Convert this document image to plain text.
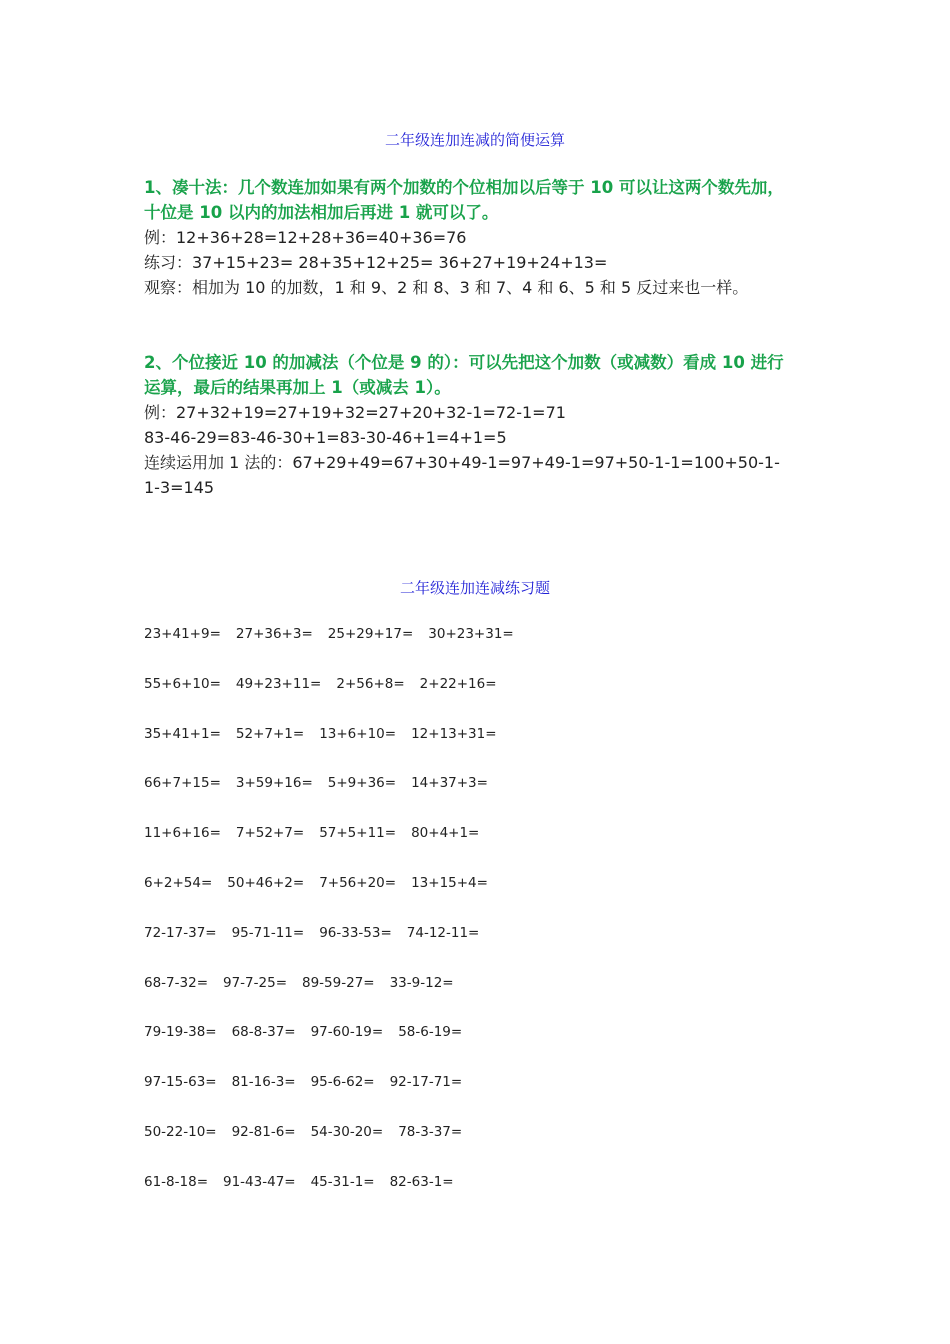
二年级连加连减的简便运算

1、凑十法：几个数连加如果有两个加数的个位相加以后等于 10 可以让这两个数先加，

十位是 10 以内的加法相加后再进 1 就可以了。

例：12+36+28=12+28+36=40+36=76

练习：37+15+23= 28+35+12+25= 36+27+19+24+13=

观察：相加为 10 的加数，1 和 9、2 和 8、3 和 7、4 和 6、5 和 5 反过来也一样。

2、个位接近 10 的加减法（个位是 9 的）：可以先把这个加数（或减数）看成 10 进行

运算，最后的结果再加上 1（或减去 1）。

例：27+32+19=27+19+32=27+20+32-1=72-1=71

83-46-29=83-46-30+1=83-30-46+1=4+1=5

连续运用加 1 法的：67+29+49=67+30+49-1=97+49-1=97+50-1-1=100+50-1-

1-3=145

二年级连加连减练习题
23+41+9= 27+36+3= 25+29+17= 30+23+31=
55+6+10= 49+23+11= 2+56+8= 2+22+16=
35+41+1= 52+7+1= 13+6+10= 12+13+31=
66+7+15= 3+59+16= 5+9+36= 14+37+3=
11+6+16= 7+52+7= 57+5+11= 80+4+1=
6+2+54= 50+46+2= 7+56+20= 13+15+4=
72-17-37= 95-71-11= 96-33-53= 74-12-11=
68-7-32= 97-7-25= 89-59-27= 33-9-12=
79-19-38= 68-8-37= 97-60-19= 58-6-19=
97-15-63= 81-16-3= 95-6-62= 92-17-71=
50-22-10= 92-81-6= 54-30-20= 78-3-37=
61-8-18= 91-43-47= 45-31-1= 82-63-1=
